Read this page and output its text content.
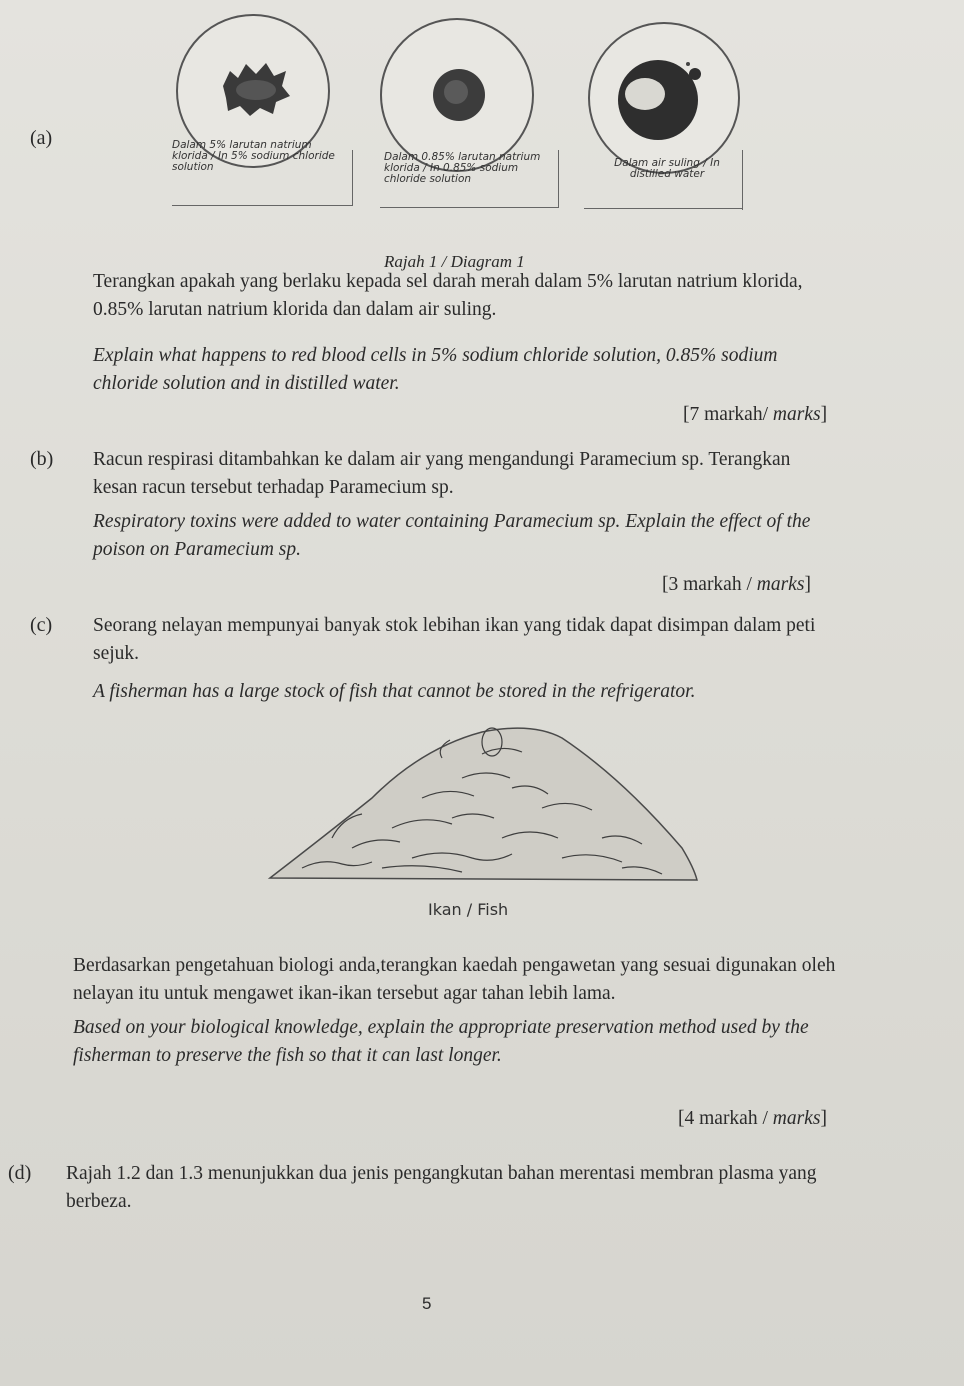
(a)	Dalam 5% larutan natrium klorida / In 5% sodium chloride solution
Dalam 0.85% larutan natrium klorida / In 0.85% sodium chloride solution
Dalam air suling / In distilled water
Rajah 1 / Diagram 1
Terangkan apakah yang berlaku kepada sel darah merah dalam 5% larutan natrium klorida, 0.85% larutan natrium klorida dan dalam air suling.
Explain what happens to red blood cells in 5% sodium chloride solution, 0.85% sodium chloride solution and in distilled water.
[7 markah/ marks]
(b) Racun respirasi ditambahkan ke dalam air yang mengandungi Paramecium sp. Terangkan kesan racun tersebut terhadap Paramecium sp.
Respiratory toxins were added to water containing Paramecium sp. Explain the effect of the poison on Paramecium sp.
[3 markah / marks]
(c) Seorang nelayan mempunyai banyak stok lebihan ikan yang tidak dapat disimpan dalam peti sejuk.
A fisherman has a large stock of fish that cannot be stored in the refrigerator.
Ikan / Fish
Berdasarkan pengetahuan biologi anda,terangkan kaedah pengawetan yang sesuai digunakan oleh nelayan itu untuk mengawet ikan-ikan tersebut agar tahan lebih lama.
Based on your biological knowledge, explain the appropriate preservation method used by the fisherman to preserve the fish so that it can last longer.
[4 markah / marks]
(d) Rajah 1.2 dan 1.3 menunjukkan dua jenis pengangkutan bahan merentasi membran plasma yang berbeza.
5
